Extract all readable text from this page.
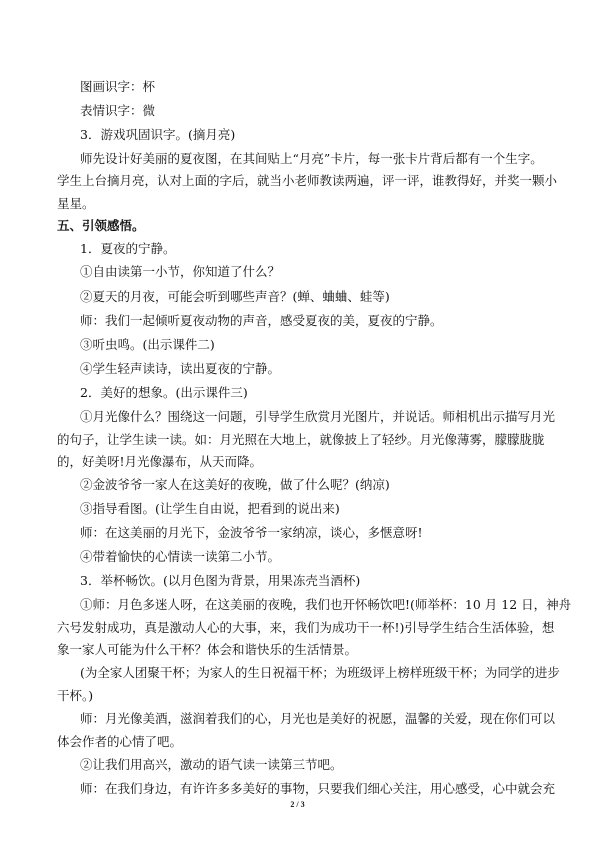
图画识字：杯
表情识字：微
3．游戏巩固识字。(摘月亮)
师先设计好美丽的夏夜图，在其间贴上“月亮”卡片，每一张卡片背后都有一个生字。
学生上台摘月亮，认对上面的字后，就当小老师教读两遍，评一评，谁教得好，并奖一颗小
星星。
五、引领感悟。
1．夏夜的宁静。
①自由读第一小节，你知道了什么？
②夏天的月夜，可能会听到哪些声音？(蝉、蛐蛐、蛙等)
师：我们一起倾听夏夜动物的声音，感受夏夜的美，夏夜的宁静。
③听虫鸣。(出示课件二)
④学生轻声读诗，读出夏夜的宁静。
2．美好的想象。(出示课件三)
①月光像什么？围绕这一问题，引导学生欣赏月光图片，并说话。师相机出示描写月光
的句子，让学生读一读。如：月光照在大地上，就像披上了轻纱。月光像薄雾，朦朦胧胧
的，好美呀!月光像瀑布，从天而降。
②金波爷爷一家人在这美好的夜晚，做了什么呢？(纳凉)
③指导看图。(让学生自由说，把看到的说出来)
师：在这美丽的月光下，金波爷爷一家纳凉，谈心，多惬意呀!
④带着愉快的心情读一读第二小节。
3．举杯畅饮。(以月色图为背景，用果冻壳当酒杯)
①师：月色多迷人呀，在这美丽的夜晚，我们也开怀畅饮吧!(师举杯：10 月 12 日，神舟
六号发射成功，真是激动人心的大事，来，我们为成功干一杯!)引导学生结合生活体验，想
象一家人可能为什么干杯？体会和谐快乐的生活情景。
(为全家人团聚干杯；为家人的生日祝福干杯；为班级评上榜样班级干杯；为同学的进步
干杯。)
师：月光像美酒，滋润着我们的心，月光也是美好的祝愿，温馨的关爱，现在你们可以
体会作者的心情了吧。
②让我们用高兴，激动的语气读一读第三节吧。
师：在我们身边，有许许多多美好的事物，只要我们细心关注，用心感受，心中就会充
2 / 3
